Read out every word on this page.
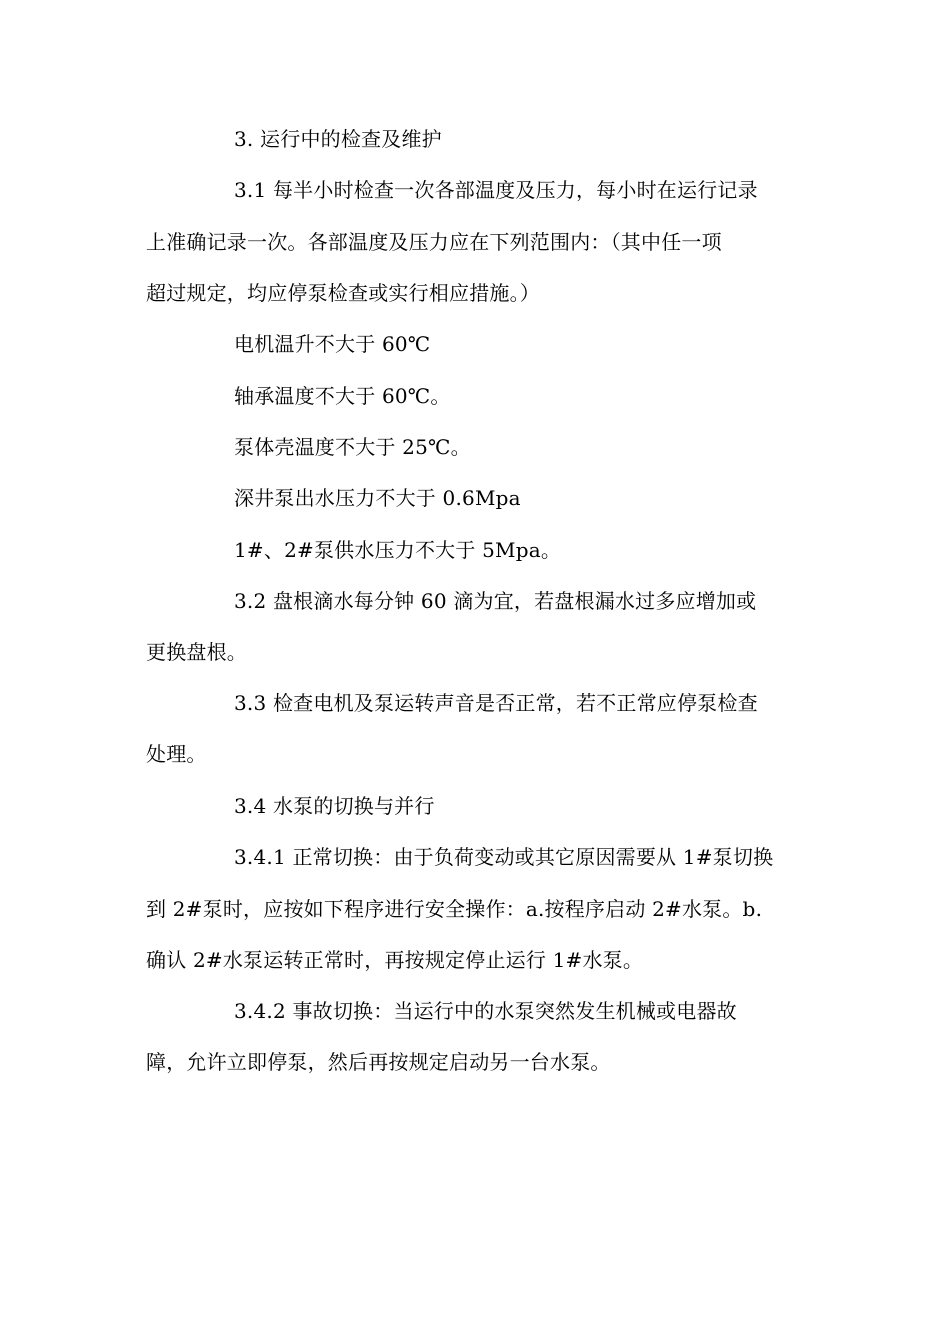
3. 运行中的检查及维护
3.1 每半小时检查一次各部温度及压力，每小时在运行记录
上准确记录一次。各部温度及压力应在下列范围内：（其中任一项
超过规定，均应停泵检查或实行相应措施。）
电机温升不大于 60℃
轴承温度不大于 60℃。
泵体壳温度不大于 25℃。
深井泵出水压力不大于 0.6Mpa
1#、2#泵供水压力不大于 5Mpa。
3.2 盘根滴水每分钟 60 滴为宜，若盘根漏水过多应增加或
更换盘根。
3.3 检查电机及泵运转声音是否正常，若不正常应停泵检查
处理。
3.4 水泵的切换与并行
3.4.1 正常切换：由于负荷变动或其它原因需要从 1#泵切换
到 2#泵时，应按如下程序进行安全操作：a.按程序启动 2#水泵。b.
确认 2#水泵运转正常时，再按规定停止运行 1#水泵。
3.4.2 事故切换：当运行中的水泵突然发生机械或电器故
障，允许立即停泵，然后再按规定启动另一台水泵。
